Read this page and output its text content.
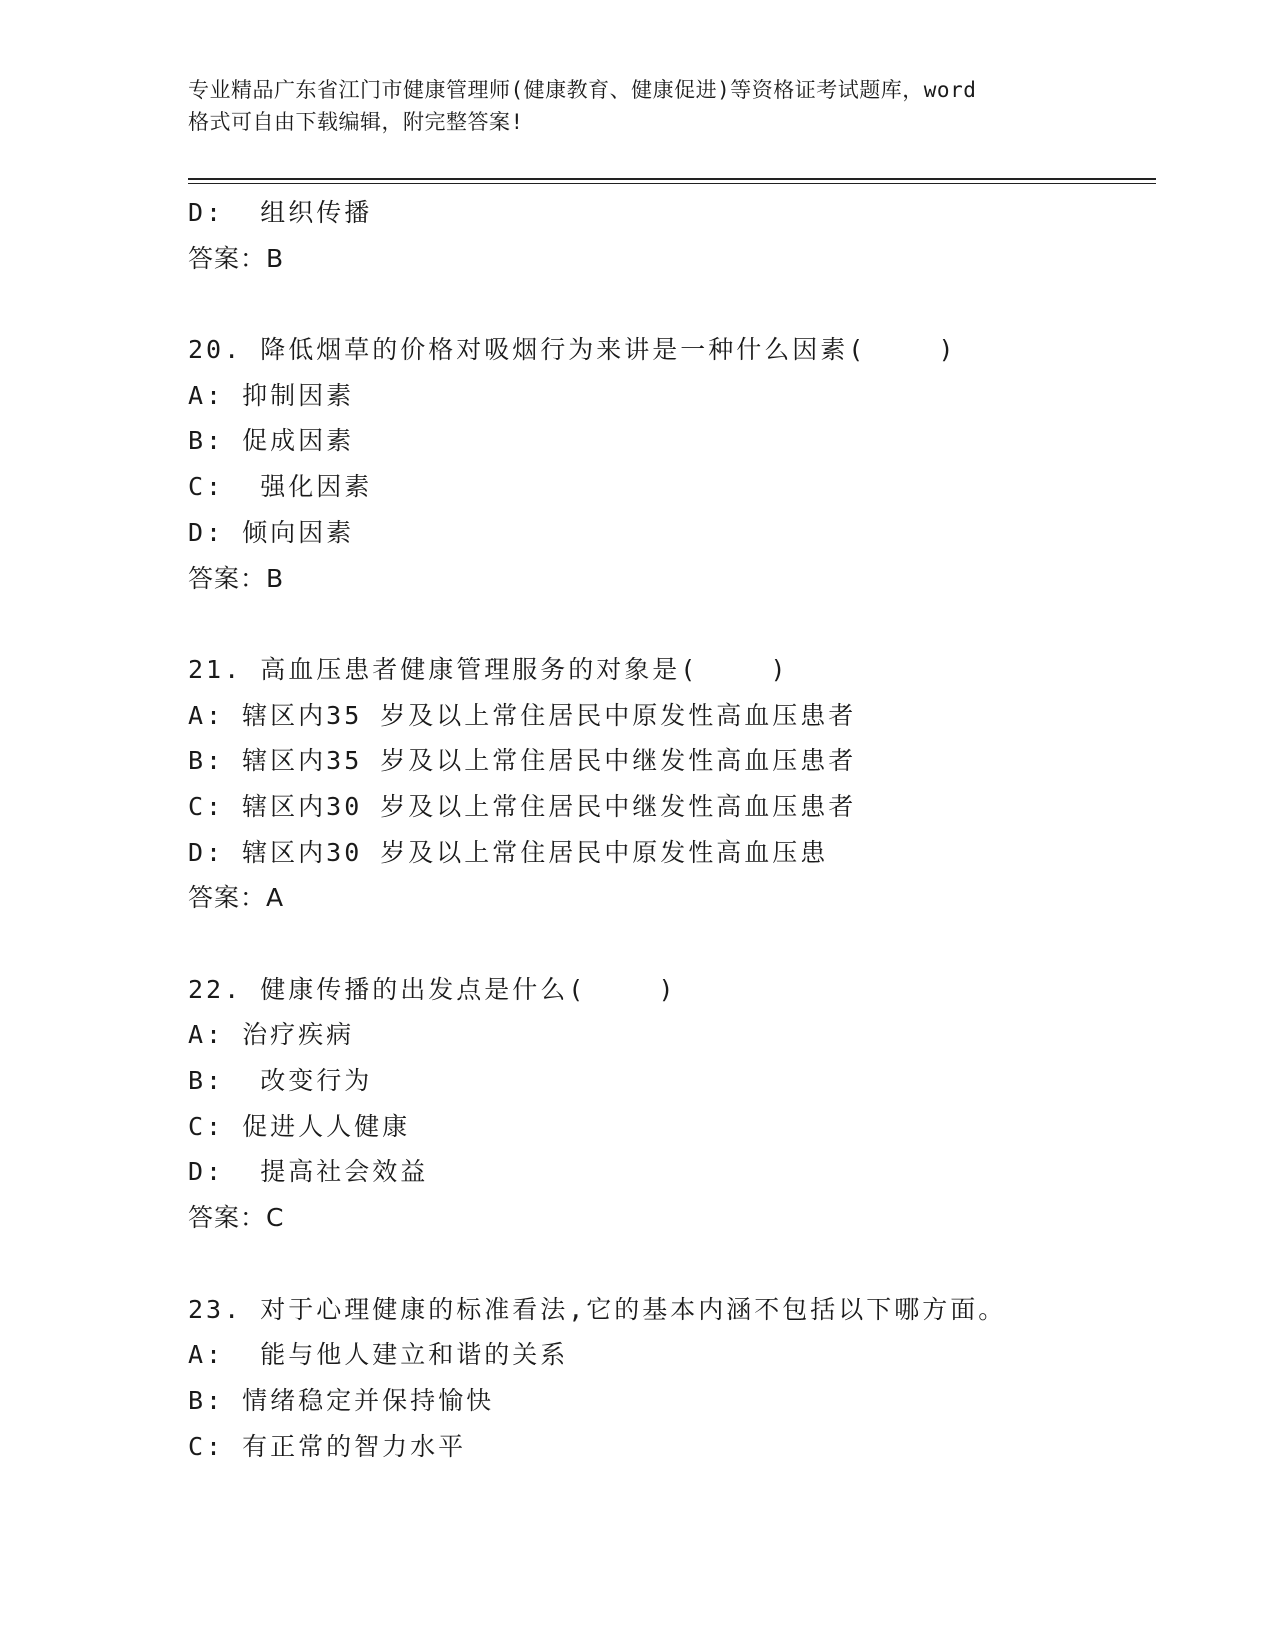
专业精品广东省江门市健康管理师(健康教育、健康促进)等资格证考试题库，word
格式可自由下载编辑，附完整答案!
D:  组织传播
答案：B
20. 降低烟草的价格对吸烟行为来讲是一种什么因素(    )
A: 抑制因素
B: 促成因素
C:  强化因素
D: 倾向因素
答案：B
21. 高血压患者健康管理服务的对象是(    )
A: 辖区内35 岁及以上常住居民中原发性高血压患者
B: 辖区内35 岁及以上常住居民中继发性高血压患者
C: 辖区内30 岁及以上常住居民中继发性高血压患者
D: 辖区内30 岁及以上常住居民中原发性高血压患
答案：A
22. 健康传播的出发点是什么(    )
A: 治疗疾病
B:  改变行为
C: 促进人人健康
D:  提高社会效益
答案：C
23. 对于心理健康的标准看法,它的基本内涵不包括以下哪方面。
A:  能与他人建立和谐的关系
B: 情绪稳定并保持愉快
C: 有正常的智力水平
